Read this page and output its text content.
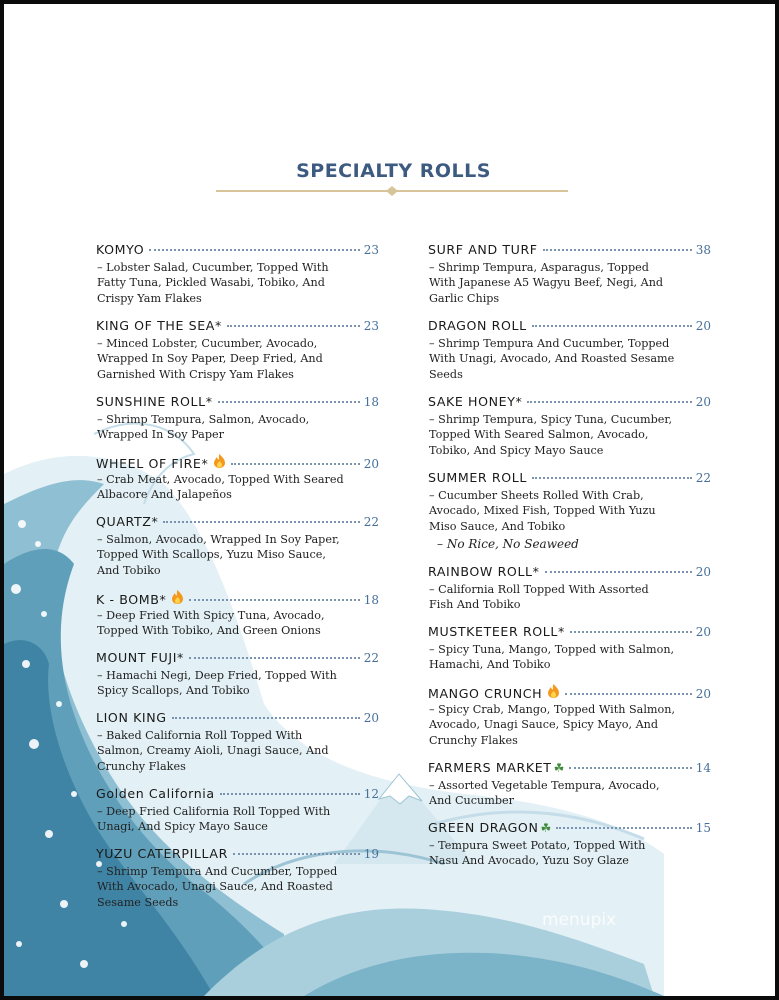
SPECIALTY ROLLS
KOMYO	23
– Lobster Salad, Cucumber, Topped With
Fatty Tuna, Pickled Wasabi, Tobiko, And
Crispy Yam Flakes
KING OF THE SEA*	23
– Minced Lobster, Cucumber, Avocado,
Wrapped In Soy Paper, Deep Fried, And
Garnished With Crispy Yam Flakes
SUNSHINE ROLL*	18
– Shrimp Tempura, Salmon, Avocado,
Wrapped In Soy Paper
WHEEL OF FIRE*	20
– Crab Meat, Avocado, Topped With Seared
Albacore And Jalapeños
QUARTZ*	22
– Salmon, Avocado, Wrapped In Soy Paper,
Topped With Scallops, Yuzu Miso Sauce,
And Tobiko
K - BOMB*	18
– Deep Fried With Spicy Tuna, Avocado,
Topped With Tobiko, And Green Onions
MOUNT FUJI*	22
– Hamachi Negi, Deep Fried, Topped With
Spicy Scallops, And Tobiko
LION KING	20
– Baked California Roll Topped With
Salmon, Creamy Aioli, Unagi Sauce, And
Crunchy Flakes
Golden California	12
– Deep Fried California Roll Topped With
Unagi, And Spicy Mayo Sauce
YUZU CATERPILLAR	19
– Shrimp Tempura And Cucumber, Topped
With Avocado, Unagi Sauce, And Roasted
Sesame Seeds
SURF AND TURF	38
– Shrimp Tempura, Asparagus, Topped
With Japanese A5 Wagyu Beef, Negi, And
Garlic Chips
DRAGON ROLL	20
– Shrimp Tempura And Cucumber, Topped
With Unagi, Avocado, And Roasted Sesame
Seeds
SAKE HONEY*	20
– Shrimp Tempura, Spicy Tuna, Cucumber,
Topped With Seared Salmon, Avocado,
Tobiko, And Spicy Mayo Sauce
SUMMER ROLL	22
– Cucumber Sheets Rolled With Crab,
Avocado, Mixed Fish, Topped With Yuzu
Miso Sauce, And Tobiko
– No Rice, No Seaweed
RAINBOW ROLL*	20
– California Roll Topped With Assorted
Fish And Tobiko
MUSTKETEER ROLL*	20
– Spicy Tuna, Mango, Topped with Salmon,
Hamachi, And Tobiko
MANGO CRUNCH	20
– Spicy Crab, Mango, Topped With Salmon,
Avocado, Unagi Sauce, Spicy Mayo, And
Crunchy Flakes
FARMERS MARKET ☘	14
– Assorted Vegetable Tempura, Avocado,
And Cucumber
GREEN DRAGON ☘	15
– Tempura Sweet Potato, Topped With
Nasu And Avocado, Yuzu Soy Glaze
menupix
